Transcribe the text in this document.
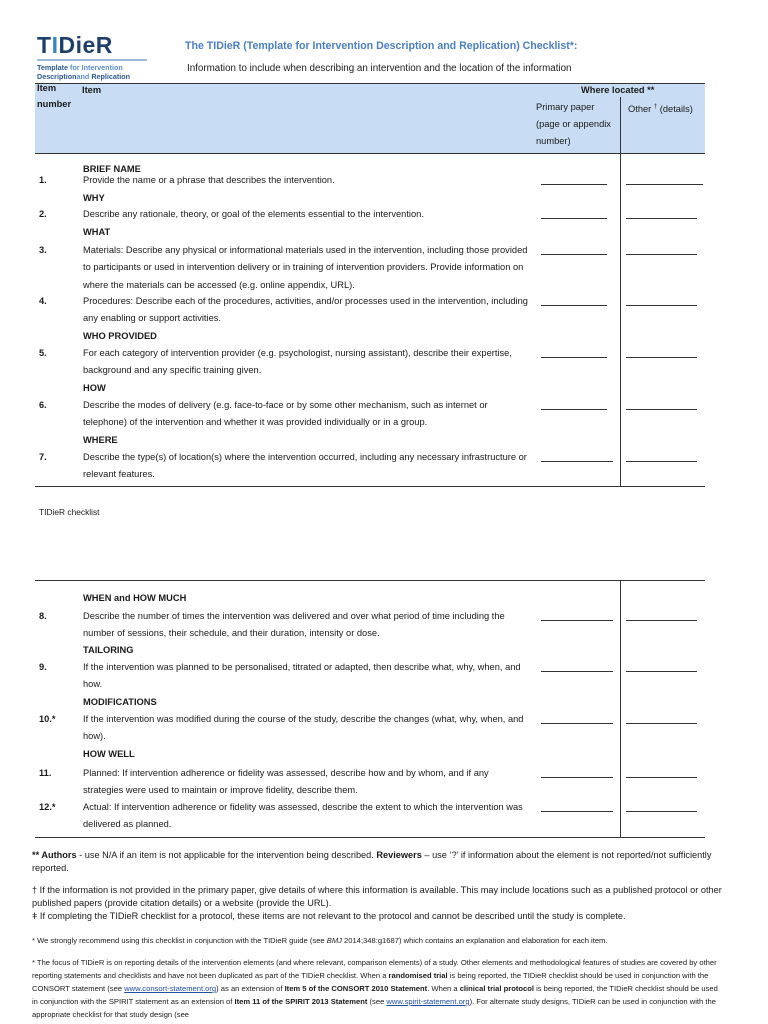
TIDieR
Template for Intervention
Descriptionand Replication
The TIDieR (Template for Intervention Description and Replication) Checklist*:
Information to include when describing an intervention and the location of the information
Item
number
Item	Where located **
Primary paper
(page or appendix
number)
Other † (details)
BRIEF NAME
1.	Provide the name or a phrase that describes the intervention.
WHY
2.	Describe any rationale, theory, or goal of the elements essential to the intervention.
WHAT
3.	Materials: Describe any physical or informational materials used in the intervention, including those provided to participants or used in intervention delivery or in training of intervention providers. Provide information on where the materials can be accessed (e.g. online appendix, URL).
4.	Procedures: Describe each of the procedures, activities, and/or processes used in the intervention, including any enabling or support activities.
WHO PROVIDED
5.	For each category of intervention provider (e.g. psychologist, nursing assistant), describe their expertise, background and any specific training given.
HOW
6.	Describe the modes of delivery (e.g. face-to-face or by some other mechanism, such as internet or telephone) of the intervention and whether it was provided individually or in a group.
WHERE
7.	Describe the type(s) of location(s) where the intervention occurred, including any necessary infrastructure or relevant features.
TIDieR checklist
WHEN and HOW MUCH
8.	Describe the number of times the intervention was delivered and over what period of time including the number of sessions, their schedule, and their duration, intensity or dose.
TAILORING
9.	If the intervention was planned to be personalised, titrated or adapted, then describe what, why, when, and how.
MODIFICATIONS
10.*	If the intervention was modified during the course of the study, describe the changes (what, why, when, and how).
HOW WELL
11.	Planned: If intervention adherence or fidelity was assessed, describe how and by whom, and if any strategies were used to maintain or improve fidelity, describe them.
12.*	Actual: If intervention adherence or fidelity was assessed, describe the extent to which the intervention was delivered as planned.
** Authors - use N/A if an item is not applicable for the intervention being described. Reviewers – use ‘?’ if information about the element is not reported/not sufficiently reported.
† If the information is not provided in the primary paper, give details of where this information is available. This may include locations such as a published protocol or other published papers (provide citation details) or a website (provide the URL).
ǂ If completing the TIDieR checklist for a protocol, these items are not relevant to the protocol and cannot be described until the study is complete.
* We strongly recommend using this checklist in conjunction with the TIDieR guide (see BMJ 2014;348:g1687) which contains an explanation and elaboration for each item.
* The focus of TIDieR is on reporting details of the intervention elements (and where relevant, comparison elements) of a study. Other elements and methodological features of studies are covered by other reporting statements and checklists and have not been duplicated as part of the TIDieR checklist. When a randomised trial is being reported, the TIDieR checklist should be used in conjunction with the CONSORT statement (see www.consort-statement.org) as an extension of Item 5 of the CONSORT 2010 Statement. When a clinical trial protocol is being reported, the TIDieR checklist should be used in conjunction with the SPIRIT statement as an extension of Item 11 of the SPIRIT 2013 Statement (see www.spirit-statement.org). For alternate study designs, TIDieR can be used in conjunction with the appropriate checklist for that study design (see
